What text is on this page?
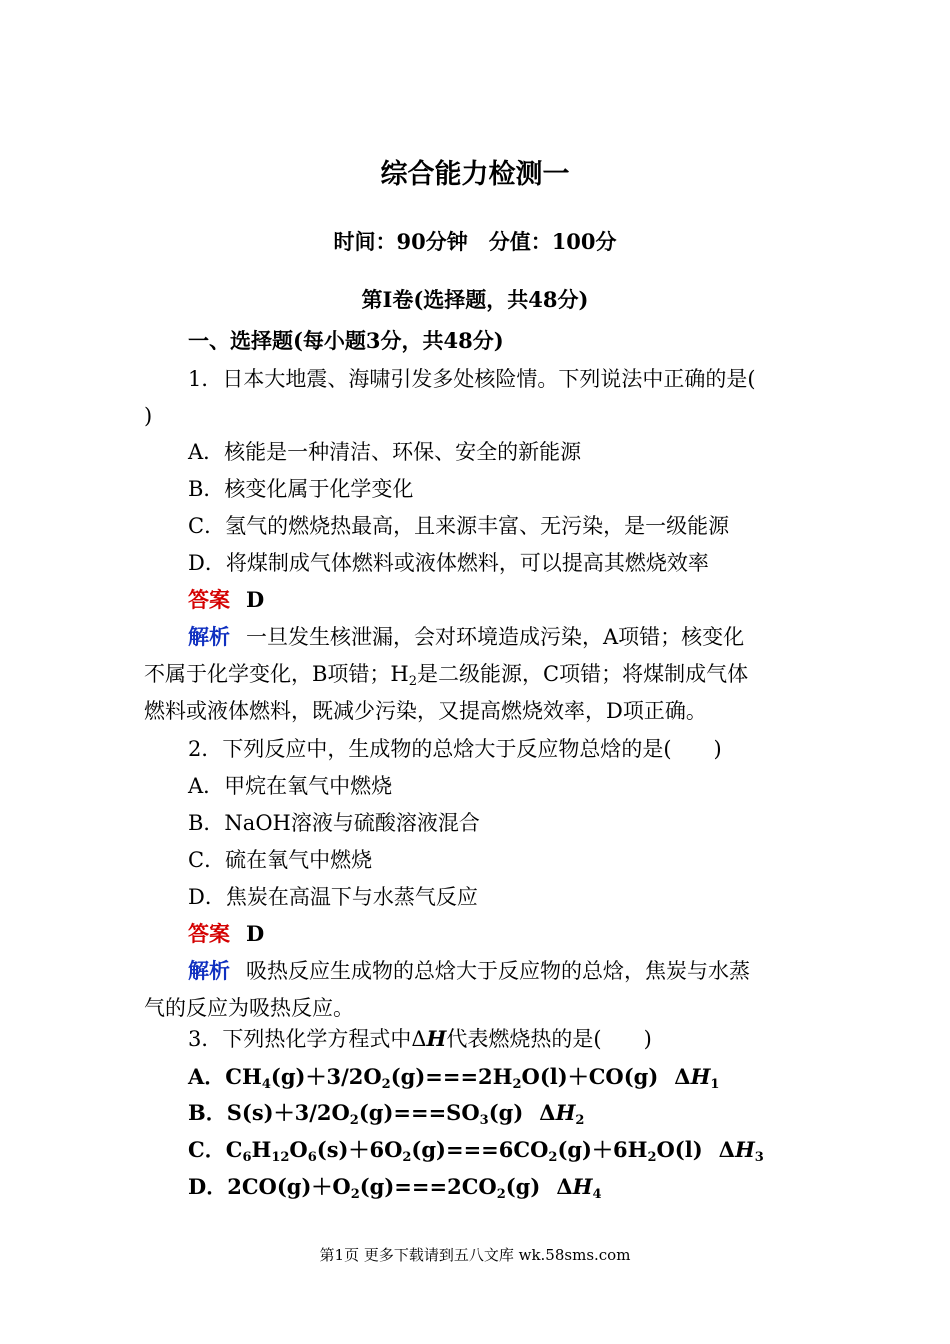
综合能力检测一
时间：90分钟　分值：100分
第Ⅰ卷(选择题，共48分)
一、选择题(每小题3分，共48分)
1．日本大地震、海啸引发多处核险情。下列说法中正确的是(
)
A．核能是一种清洁、环保、安全的新能源
B．核变化属于化学变化
C．氢气的燃烧热最高，且来源丰富、无污染，是一级能源
D．将煤制成气体燃料或液体燃料，可以提高其燃烧效率
答案 D
解析 一旦发生核泄漏，会对环境造成污染，A项错；核变化
不属于化学变化，B项错；$H_2$是二级能源，C项错；将煤制成气体
燃料或液体燃料，既减少污染，又提高燃烧效率，D项正确。
2．下列反应中，生成物的总焓大于反应物总焓的是(　　)
A．甲烷在氧气中燃烧
B．NaOH溶液与硫酸溶液混合
C．硫在氧气中燃烧
D．焦炭在高温下与水蒸气反应
答案 D
解析 吸热反应生成物的总焓大于反应物的总焓，焦炭与水蒸
气的反应为吸热反应。
3．下列热化学方程式中ΔH代表燃烧热的是(　　)
A．$CH_4(g)+3/2O_2(g)===2H_2O(l)+CO(g)$ $\Delta H_1$
B．$S(s)+3/2O_2(g)===SO_3(g)$ $\Delta H_2$
C．$C_6H_{12}O_6(s)+6O_2(g)===6CO_2(g)+6H_2O(l)$ $\Delta H_3$
D．$2CO(g)+O_2(g)===2CO_2(g)$ $\Delta H_4$
第1页 更多下载请到五八文库 wk.58sms.com
